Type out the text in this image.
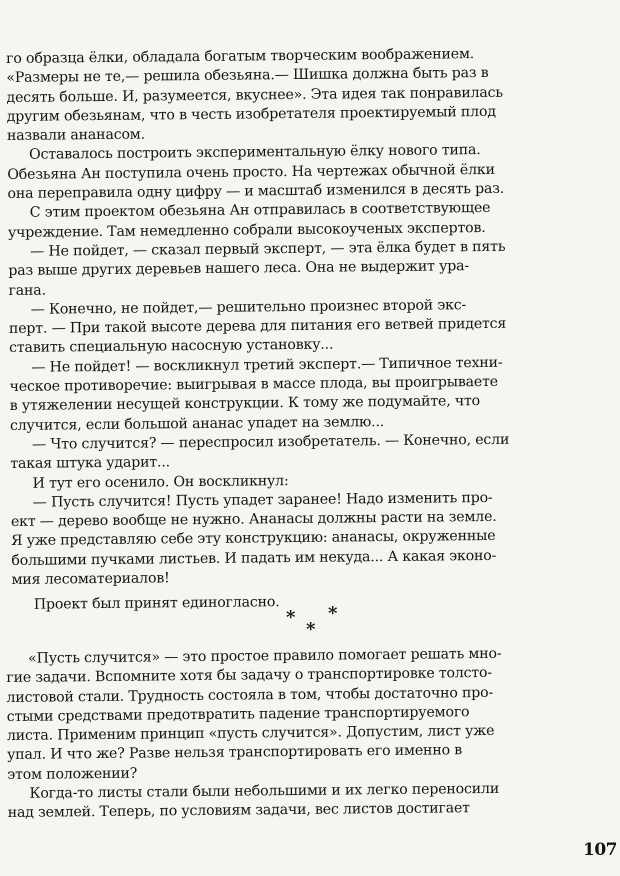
го образца ёлки, обладала богатым творческим воображением.
«Размеры не те,— решила обезьяна.— Шишка должна быть раз в
десять больше. И, разумеется, вкуснее». Эта идея так понравилась
другим обезьянам, что в честь изобретателя проектируемый плод
назвали ананасом.
Оставалось построить экспериментальную ёлку нового типа.
Обезьяна Ан поступила очень просто. На чертежах обычной ёлки
она переправила одну цифру — и масштаб изменился в десять раз.
С этим проектом обезьяна Ан отправилась в соответствующее
учреждение. Там немедленно собрали высокоученых экспертов.
— Не пойдет, — сказал первый эксперт, — эта ёлка будет в пять
раз выше других деревьев нашего леса. Она не выдержит ура-
гана.
— Конечно, не пойдет,— решительно произнес второй экс-
перт. — При такой высоте дерева для питания его ветвей придется
ставить специальную насосную установку...
— Не пойдет! — воскликнул третий эксперт.— Типичное техни-
ческое противоречие: выигрывая в массе плода, вы проигрываете
в утяжелении несущей конструкции. К тому же подумайте, что
случится, если большой ананас упадет на землю...
— Что случится? — переспросил изобретатель. — Конечно, если
такая штука ударит...
И тут его осенило. Он воскликнул:
— Пусть случится! Пусть упадет заранее! Надо изменить про-
ект — дерево вообще не нужно. Ананасы должны расти на земле.
Я уже представляю себе эту конструкцию: ананасы, окруженные
большими пучками листьев. И падать им некуда... А какая эконо-
мия лесоматериалов!
Проект был принят единогласно.
* *
*
«Пусть случится» — это простое правило помогает решать мно-
гие задачи. Вспомните хотя бы задачу о транспортировке толсто-
листовой стали. Трудность состояла в том, чтобы достаточно про-
стыми средствами предотвратить падение транспортируемого
листа. Применим принцип «пусть случится». Допустим, лист уже
упал. И что же? Разве нельзя транспортировать его именно в
этом положении?
Когда-то листы стали были небольшими и их легко переносили
над землей. Теперь, по условиям задачи, вес листов достигает
107
